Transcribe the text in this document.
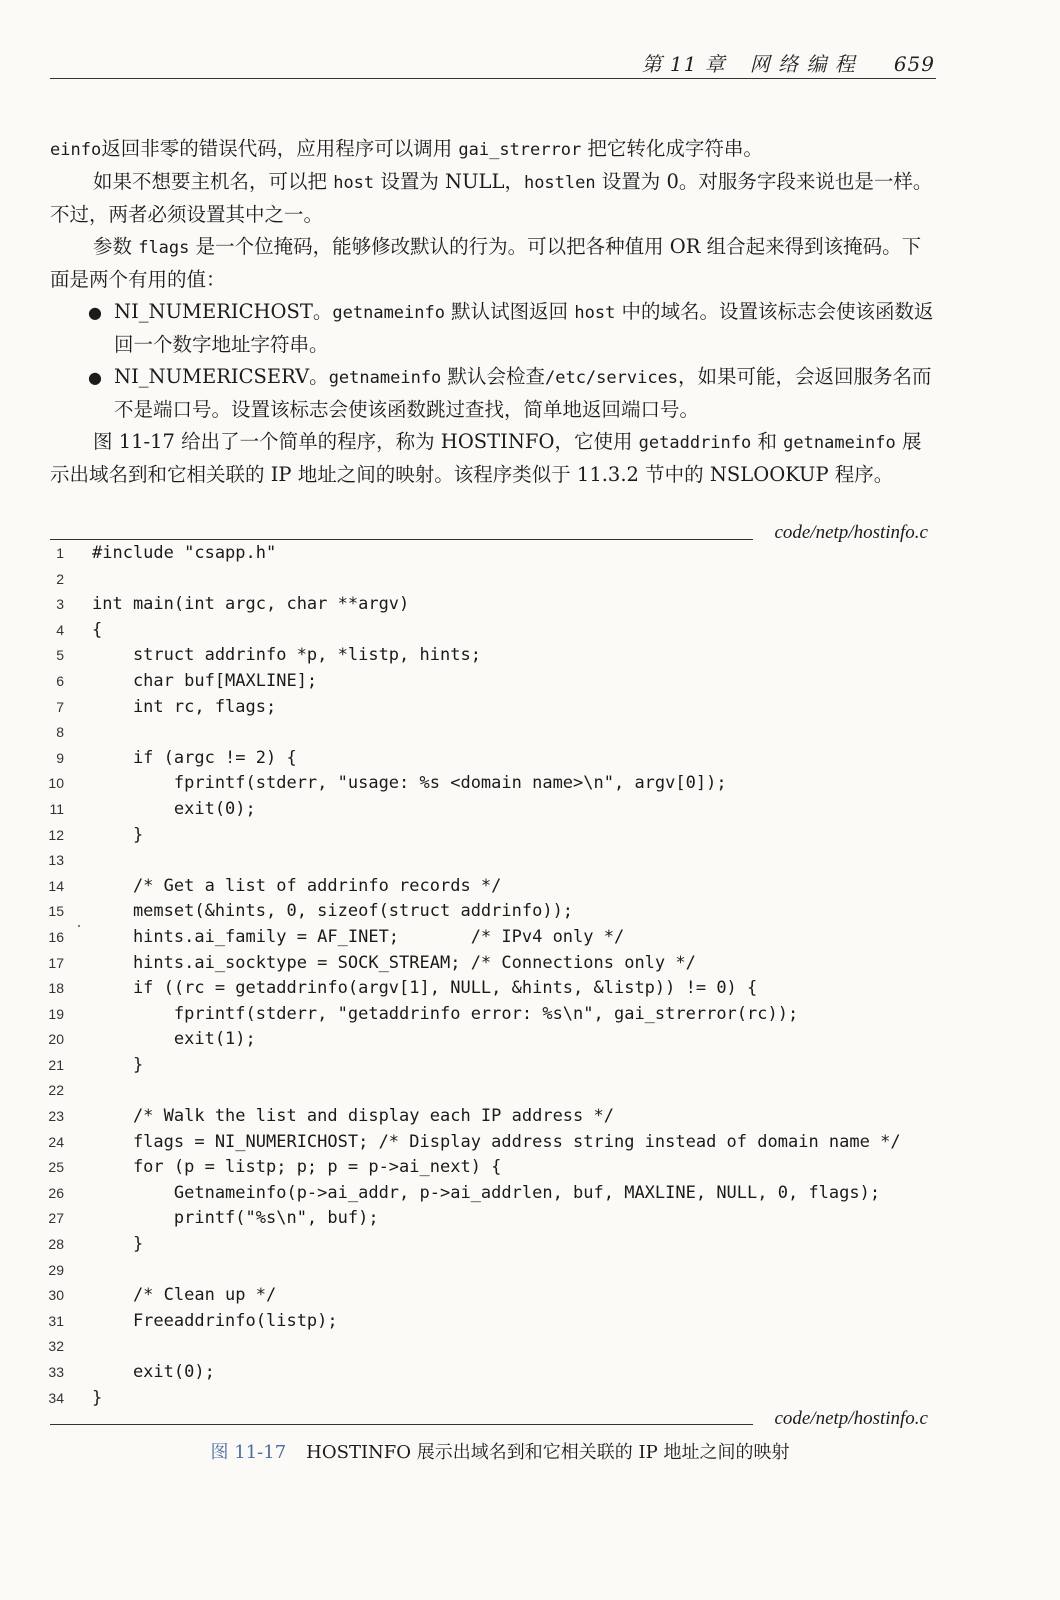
第 11 章 网 络 编 程 659

einfo返回非零的错误代码，应用程序可以调用 gai_strerror 把它转化成字符串。

如果不想要主机名，可以把 host 设置为 NULL，hostlen 设置为 0。对服务字段来说也是一样。不过，两者必须设置其中之一。

参数 flags 是一个位掩码，能够修改默认的行为。可以把各种值用 OR 组合起来得到该掩码。下面是两个有用的值：

● NI_NUMERICHOST。getnameinfo 默认试图返回 host 中的域名。设置该标志会使该函数返回一个数字地址字符串。

● NI_NUMERICSERV。getnameinfo 默认会检查/etc/services，如果可能，会返回服务名而不是端口号。设置该标志会使该函数跳过查找，简单地返回端口号。

图 11-17 给出了一个简单的程序，称为 HOSTINFO，它使用 getaddrinfo 和 getnameinfo 展示出域名到和它相关联的 IP 地址之间的映射。该程序类似于 11.3.2 节中的 NSLOOKUP 程序。

code/netp/hostinfo.c
1 #include "csapp.h"
2
3 int main(int argc, char **argv)
4 {
5 struct addrinfo *p, *listp, hints;
6 char buf[MAXLINE];
7 int rc, flags;
8
9 if (argc != 2) {
10 fprintf(stderr, "usage: %s <domain name>\n", argv[0]);
11 exit(0);
12 }
13
14 /* Get a list of addrinfo records */
15 memset(&hints, 0, sizeof(struct addrinfo));
16 hints.ai_family = AF_INET;       /* IPv4 only */
17 hints.ai_socktype = SOCK_STREAM; /* Connections only */
18 if ((rc = getaddrinfo(argv[1], NULL, &hints, &listp)) != 0) {
19 fprintf(stderr, "getaddrinfo error: %s\n", gai_strerror(rc));
20 exit(1);
21 }
22
23 /* Walk the list and display each IP address */
24 flags = NI_NUMERICHOST; /* Display address string instead of domain name */
25 for (p = listp; p; p = p->ai_next) {
26 Getnameinfo(p->ai_addr, p->ai_addrlen, buf, MAXLINE, NULL, 0, flags);
27 printf("%s\n", buf);
28 }
29
30 /* Clean up */
31 Freeaddrinfo(listp);
32
33 exit(0);
34 }
code/netp/hostinfo.c
图 11-17 HOSTINFO 展示出域名到和它相关联的 IP 地址之间的映射
